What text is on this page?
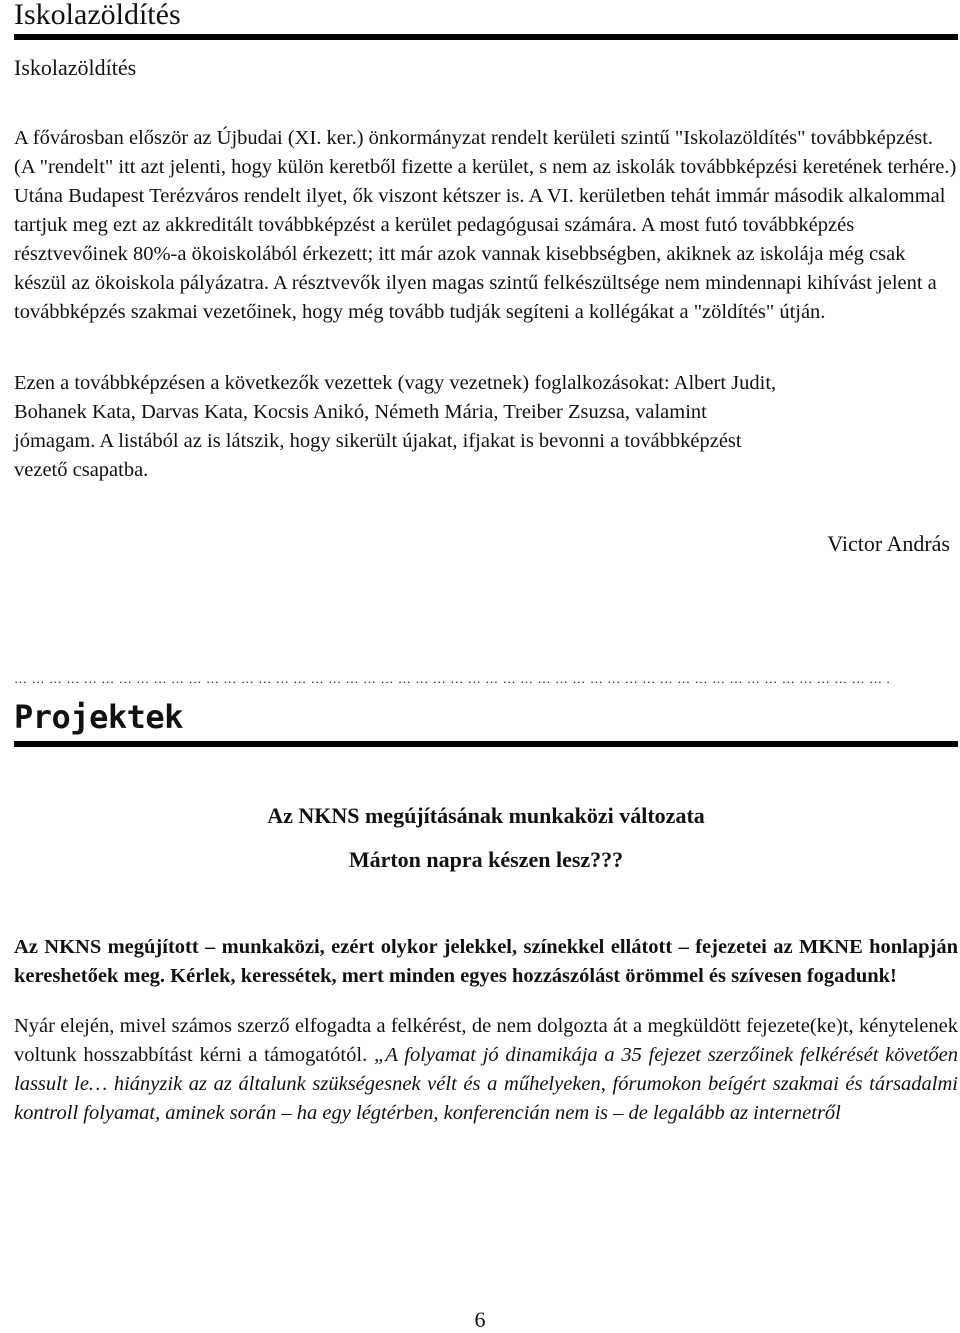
Iskolazöldítés

Iskolazöldítés

A fővárosban először az Újbudai (XI. ker.) önkormányzat rendelt kerületi szintű "Iskolazöldítés" továbbképzést. (A "rendelt" itt azt jelenti, hogy külön keretből fizette a kerület, s nem az iskolák továbbképzési keretének terhére.) Utána Budapest Terézváros rendelt ilyet, ők viszont kétszer is. A VI. kerületben tehát immár második alkalommal tartjuk meg ezt az akkreditált továbbképzést a kerület pedagógusai számára. A most futó továbbképzés résztvevőinek 80%-a ökoiskolából érkezett; itt már azok vannak kisebbségben, akiknek az iskolája még csak készül az ökoiskola pályázatra. A résztvevők ilyen magas szintű felkészültsége nem mindennapi kihívást jelent a továbbképzés szakmai vezetőinek, hogy még tovább tudják segíteni a kollégákat a "zöldítés" útján.

Ezen a továbbképzésen a következők vezettek (vagy vezetnek) foglalkozásokat: Albert Judit,
Bohanek Kata, Darvas Kata, Kocsis Anikó, Németh Mária, Treiber Zsuzsa, valamint
jómagam. A listából az is látszik, hogy sikerült újakat, ifjakat is bevonni a továbbképzést
vezető csapatba.

Victor András

… … … … … … … … … … … … … … … … … … … … … … … … … … … … … … … … … … … … … … … … … … … … … … … … … … .
Projektek

Az NKNS megújításának munkaközi változata

Márton napra készen lesz???

Az NKNS megújított – munkaközi, ezért olykor jelekkel, színekkel ellátott – fejezetei az MKNE honlapján kereshetőek meg. Kérlek, keressétek, mert minden egyes hozzászólást örömmel és szívesen fogadunk!

Nyár elején, mivel számos szerző elfogadta a felkérést, de nem dolgozta át a megküldött fejezete(ke)t, kénytelenek voltunk hosszabbítást kérni a támogatótól. „A folyamat jó dinamikája a 35 fejezet szerzőinek felkérését követően lassult le… hiányzik az az általunk szükségesnek vélt és a műhelyeken, fórumokon beígért szakmai és társadalmi kontroll folyamat, aminek során – ha egy légtérben, konferencián nem is – de legalább az internetről

6
